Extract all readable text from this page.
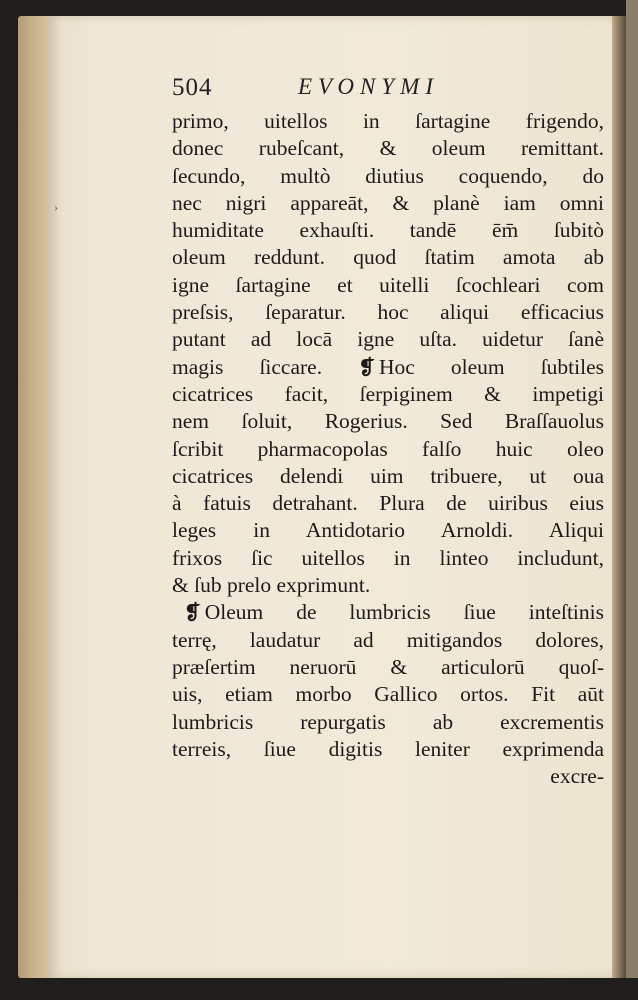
›
504	EVONYMI
primo, uitellos in ſartagine frigendo,
donec rubeſcant, & oleum remittant.
ſecundo, multò diutius coquendo, do
nec nigri appareāt, & planè iam omni
humiditate exhauſti. tandē ēm̄ ſubitò
oleum reddunt. quod ſtatim amota ab
igne ſartagine et uitelli ſcochleari com
preſsis, ſeparatur. hoc aliqui efficacius
putant ad locā igne uſta. uidetur ſanè
magis ſiccare. ❡ Hoc oleum ſubtiles
cicatrices facit, ſerpiginem & impetigi
nem ſoluit, Rogerius. Sed Braſſauolus
ſcribit pharmacopolas falſo huic oleo
cicatrices delendi uim tribuere, ut oua
à fatuis detrahant. Plura de uiribus eius
leges in Antidotario Arnoldi. Aliqui
frixos ſic uitellos in linteo includunt,
& ſub prelo exprimunt.
❡ Oleum de lumbricis ſiue inteſtinis
terrę, laudatur ad mitigandos dolores,
præſertim neruorū & articulorū quoſ-
uis, etiam morbo Gallico ortos. Fit aūt
lumbricis repurgatis ab excrementis
terreis, ſiue digitis leniter exprimenda
excre-
